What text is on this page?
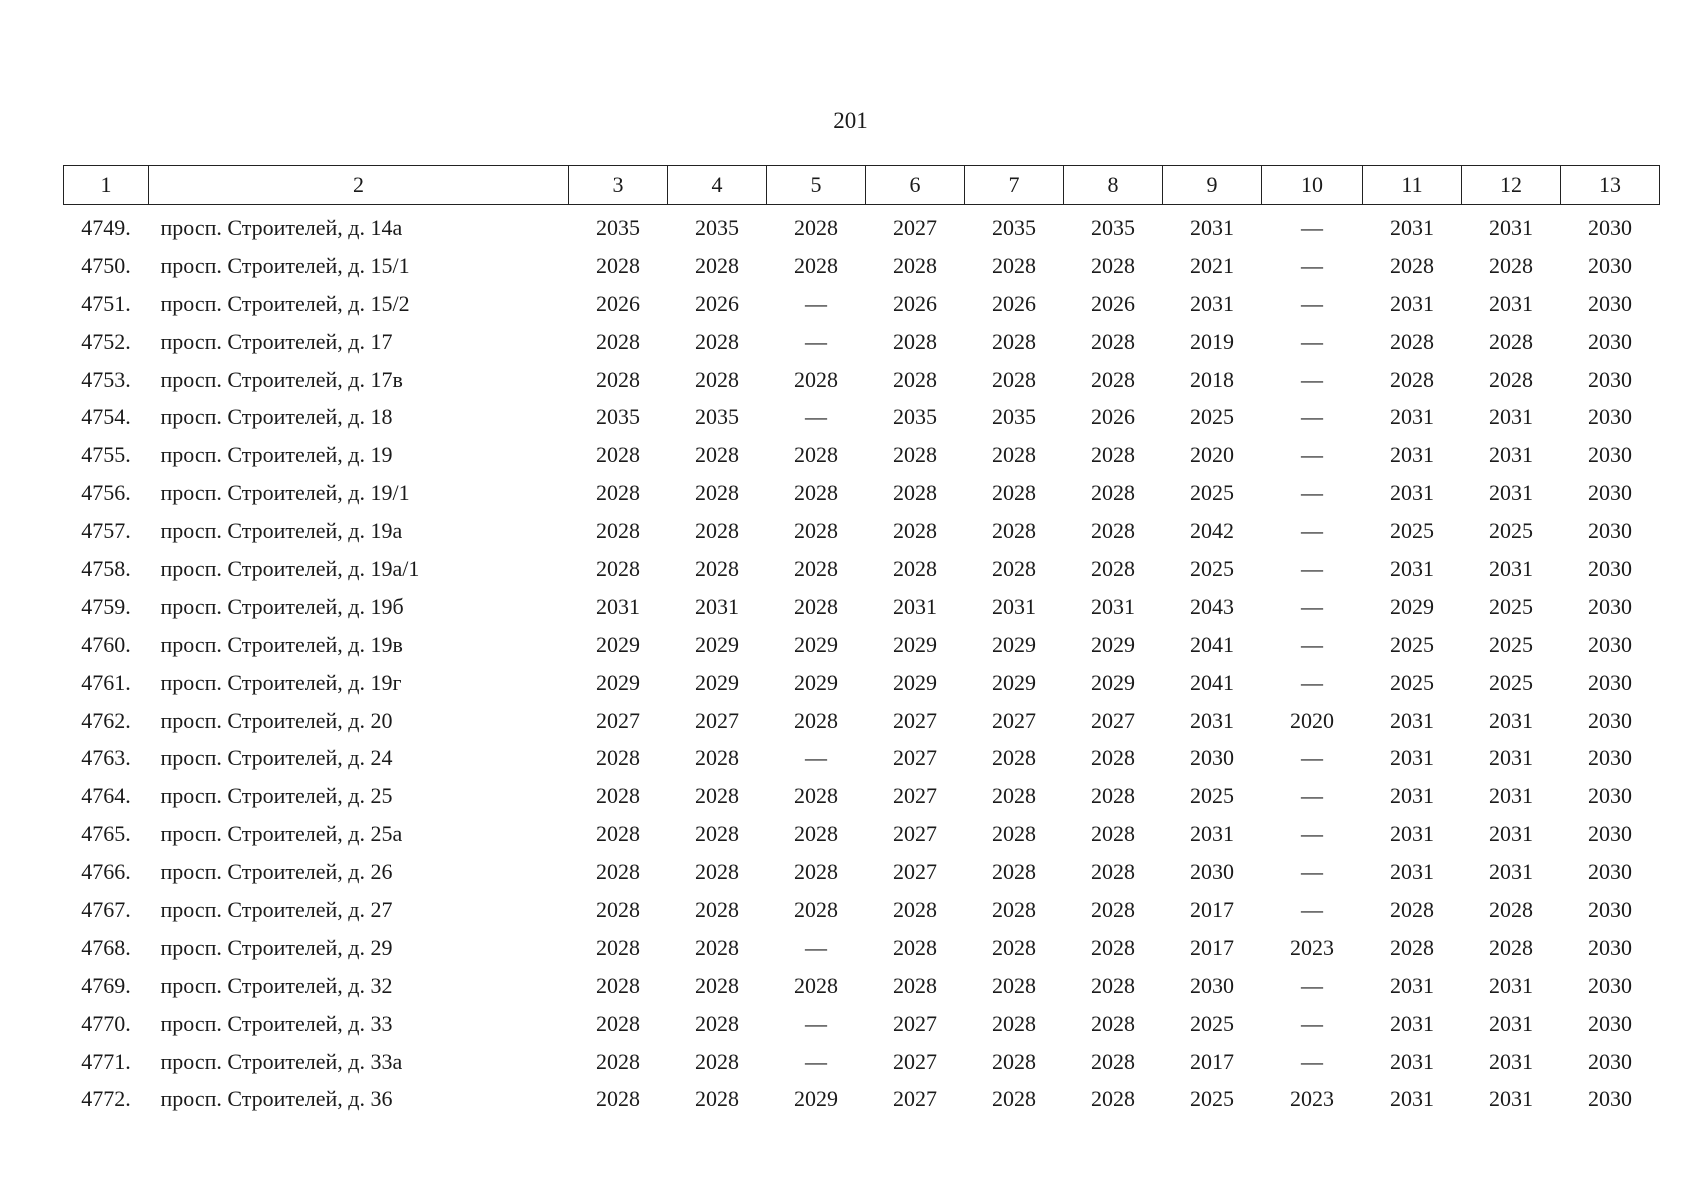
201
1	2	3	4	5	6	7	8	9	10	11	12	13
4749.	просп. Строителей, д. 14а	2035	2035	2028	2027	2035	2035	2031	—	2031	2031	2030
4750.	просп. Строителей, д. 15/1	2028	2028	2028	2028	2028	2028	2021	—	2028	2028	2030
4751.	просп. Строителей, д. 15/2	2026	2026	—	2026	2026	2026	2031	—	2031	2031	2030
4752.	просп. Строителей, д. 17	2028	2028	—	2028	2028	2028	2019	—	2028	2028	2030
4753.	просп. Строителей, д. 17в	2028	2028	2028	2028	2028	2028	2018	—	2028	2028	2030
4754.	просп. Строителей, д. 18	2035	2035	—	2035	2035	2026	2025	—	2031	2031	2030
4755.	просп. Строителей, д. 19	2028	2028	2028	2028	2028	2028	2020	—	2031	2031	2030
4756.	просп. Строителей, д. 19/1	2028	2028	2028	2028	2028	2028	2025	—	2031	2031	2030
4757.	просп. Строителей, д. 19а	2028	2028	2028	2028	2028	2028	2042	—	2025	2025	2030
4758.	просп. Строителей, д. 19а/1	2028	2028	2028	2028	2028	2028	2025	—	2031	2031	2030
4759.	просп. Строителей, д. 19б	2031	2031	2028	2031	2031	2031	2043	—	2029	2025	2030
4760.	просп. Строителей, д. 19в	2029	2029	2029	2029	2029	2029	2041	—	2025	2025	2030
4761.	просп. Строителей, д. 19г	2029	2029	2029	2029	2029	2029	2041	—	2025	2025	2030
4762.	просп. Строителей, д. 20	2027	2027	2028	2027	2027	2027	2031	2020	2031	2031	2030
4763.	просп. Строителей, д. 24	2028	2028	—	2027	2028	2028	2030	—	2031	2031	2030
4764.	просп. Строителей, д. 25	2028	2028	2028	2027	2028	2028	2025	—	2031	2031	2030
4765.	просп. Строителей, д. 25а	2028	2028	2028	2027	2028	2028	2031	—	2031	2031	2030
4766.	просп. Строителей, д. 26	2028	2028	2028	2027	2028	2028	2030	—	2031	2031	2030
4767.	просп. Строителей, д. 27	2028	2028	2028	2028	2028	2028	2017	—	2028	2028	2030
4768.	просп. Строителей, д. 29	2028	2028	—	2028	2028	2028	2017	2023	2028	2028	2030
4769.	просп. Строителей, д. 32	2028	2028	2028	2028	2028	2028	2030	—	2031	2031	2030
4770.	просп. Строителей, д. 33	2028	2028	—	2027	2028	2028	2025	—	2031	2031	2030
4771.	просп. Строителей, д. 33а	2028	2028	—	2027	2028	2028	2017	—	2031	2031	2030
4772.	просп. Строителей, д. 36	2028	2028	2029	2027	2028	2028	2025	2023	2031	2031	2030
